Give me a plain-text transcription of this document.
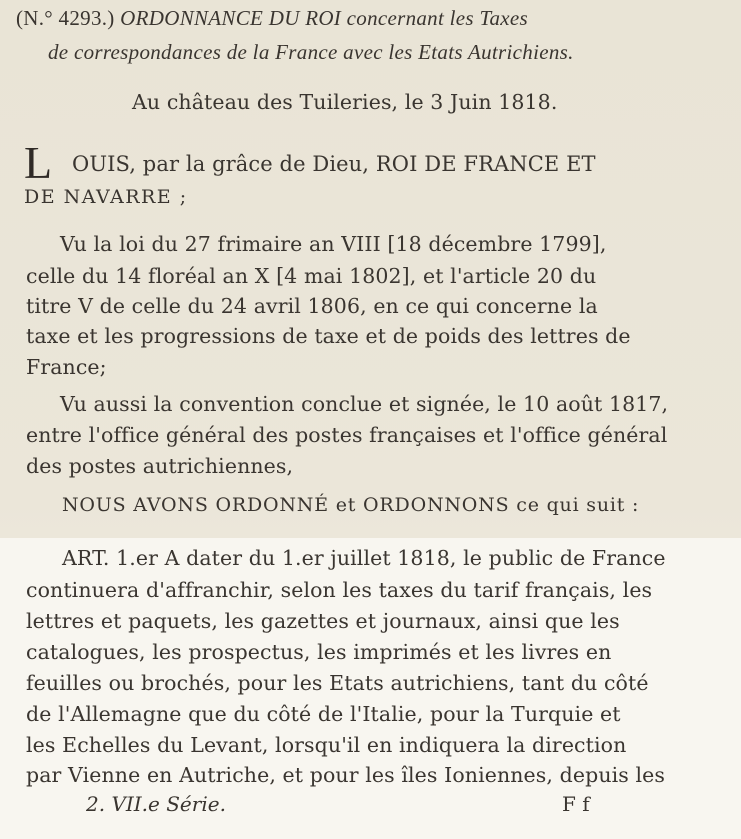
(N.° 4293.) ORDONNANCE DU ROI concernant les Taxes
de correspondances de la France avec les Etats Autrichiens.
Au château des Tuileries, le 3 Juin 1818.
L OUIS, par la grâce de Dieu, ROI DE FRANCE ET
DE NAVARRE ;
Vu la loi du 27 frimaire an VIII [18 décembre 1799],
celle du 14 floréal an X [4 mai 1802], et l'article 20 du
titre V de celle du 24 avril 1806, en ce qui concerne la
taxe et les progressions de taxe et de poids des lettres de
France;
Vu aussi la convention conclue et signée, le 10 août 1817,
entre l'office général des postes françaises et l'office général
des postes autrichiennes,
NOUS AVONS ORDONNÉ et ORDONNONS ce qui suit :
ART. 1.er A dater du 1.er juillet 1818, le public de France
continuera d'affranchir, selon les taxes du tarif français, les
lettres et paquets, les gazettes et journaux, ainsi que les
catalogues, les prospectus, les imprimés et les livres en
feuilles ou brochés, pour les Etats autrichiens, tant du côté
de l'Allemagne que du côté de l'Italie, pour la Turquie et
les Echelles du Levant, lorsqu'il en indiquera la direction
par Vienne en Autriche, et pour les îles Ioniennes, depuis les
2. VII.e Série.	F f
